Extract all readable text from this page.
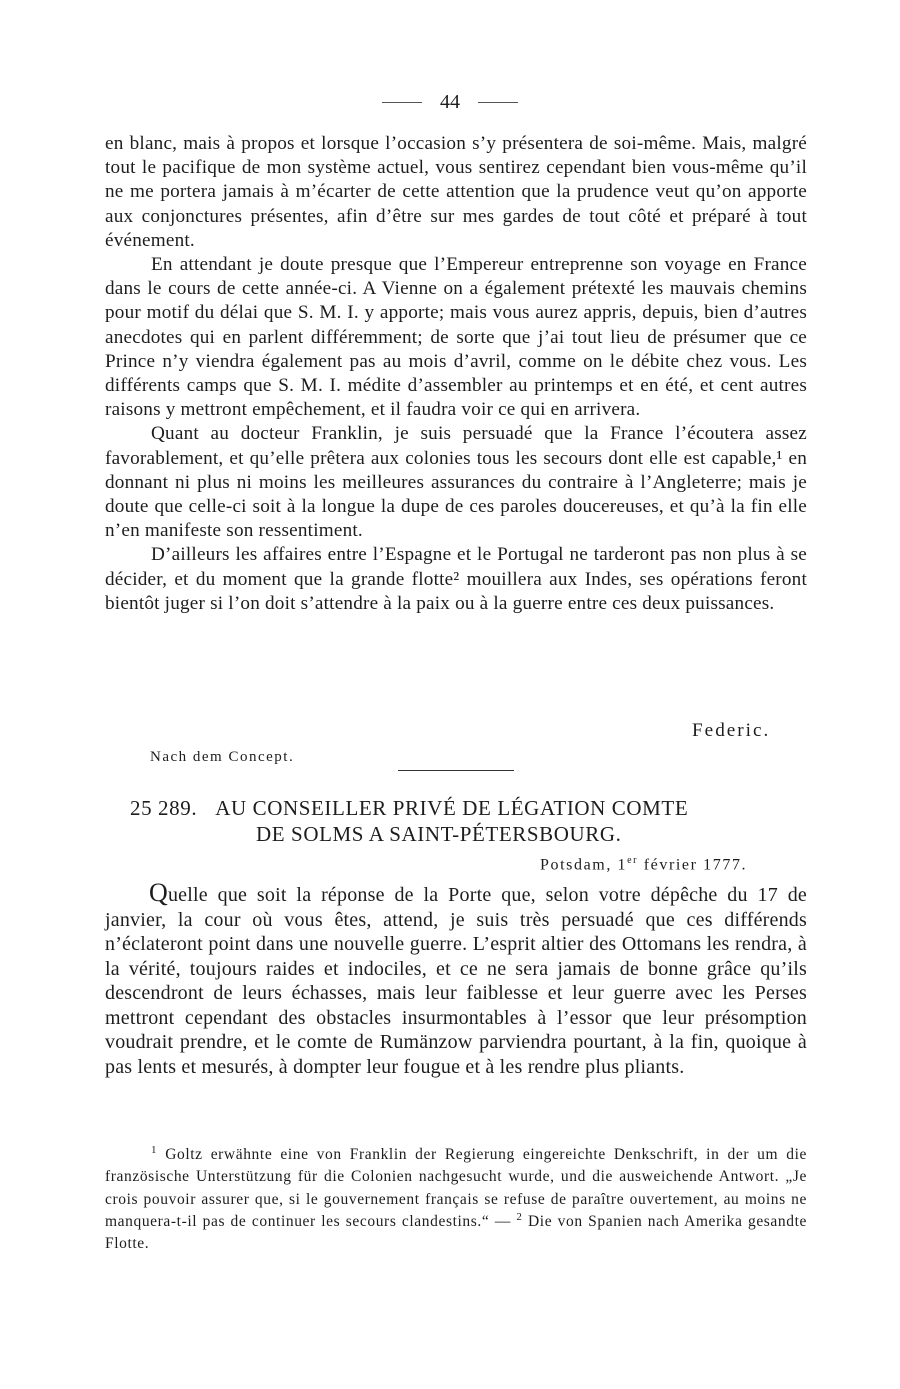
44

en blanc, mais à propos et lorsque l’occasion s’y présentera de soi-même. Mais, malgré tout le pacifique de mon système actuel, vous sentirez cependant bien vous-même qu’il ne me portera jamais à m’écarter de cette attention que la prudence veut qu’on apporte aux conjonctures présentes, afin d’être sur mes gardes de tout côté et préparé à tout événement.

En attendant je doute presque que l’Empereur entreprenne son voyage en France dans le cours de cette année-ci. A Vienne on a également prétexté les mauvais chemins pour motif du délai que S. M. I. y apporte; mais vous aurez appris, depuis, bien d’autres anecdotes qui en parlent différemment; de sorte que j’ai tout lieu de présumer que ce Prince n’y viendra également pas au mois d’avril, comme on le débite chez vous. Les différents camps que S. M. I. médite d’assembler au printemps et en été, et cent autres raisons y mettront empêchement, et il faudra voir ce qui en arrivera.

Quant au docteur Franklin, je suis persuadé que la France l’écoutera assez favorablement, et qu’elle prêtera aux colonies tous les secours dont elle est capable,¹ en donnant ni plus ni moins les meilleures assurances du contraire à l’Angleterre; mais je doute que celle-ci soit à la longue la dupe de ces paroles doucereuses, et qu’à la fin elle n’en manifeste son ressentiment.

D’ailleurs les affaires entre l’Espagne et le Portugal ne tarderont pas non plus à se décider, et du moment que la grande flotte² mouillera aux Indes, ses opérations feront bientôt juger si l’on doit s’attendre à la paix ou à la guerre entre ces deux puissances.

Federic.
Nach dem Concept.
25 289. AU CONSEILLER PRIVÉ DE LÉGATION COMTE
DE SOLMS A SAINT-PÉTERSBOURG.
Potsdam, 1er février 1777.

Quelle que soit la réponse de la Porte que, selon votre dépêche du 17 de janvier, la cour où vous êtes, attend, je suis très persuadé que ces différends n’éclateront point dans une nouvelle guerre. L’esprit altier des Ottomans les rendra, à la vérité, toujours raides et indociles, et ce ne sera jamais de bonne grâce qu’ils descendront de leurs échasses, mais leur faiblesse et leur guerre avec les Perses mettront cependant des obstacles insurmontables à l’essor que leur présomption voudrait prendre, et le comte de Rumänzow parviendra pourtant, à la fin, quoique à pas lents et mesurés, à dompter leur fougue et à les rendre plus pliants.

$^1$ Goltz erwähnte eine von Franklin der Regierung eingereichte Denkschrift, in der um die französische Unterstützung für die Colonien nachgesucht wurde, und die ausweichende Antwort. „Je crois pouvoir assurer que, si le gouvernement français se refuse de paraître ouvertement, au moins ne manquera-t-il pas de continuer les secours clandestins.“ — $^2$ Die von Spanien nach Amerika gesandte Flotte.
